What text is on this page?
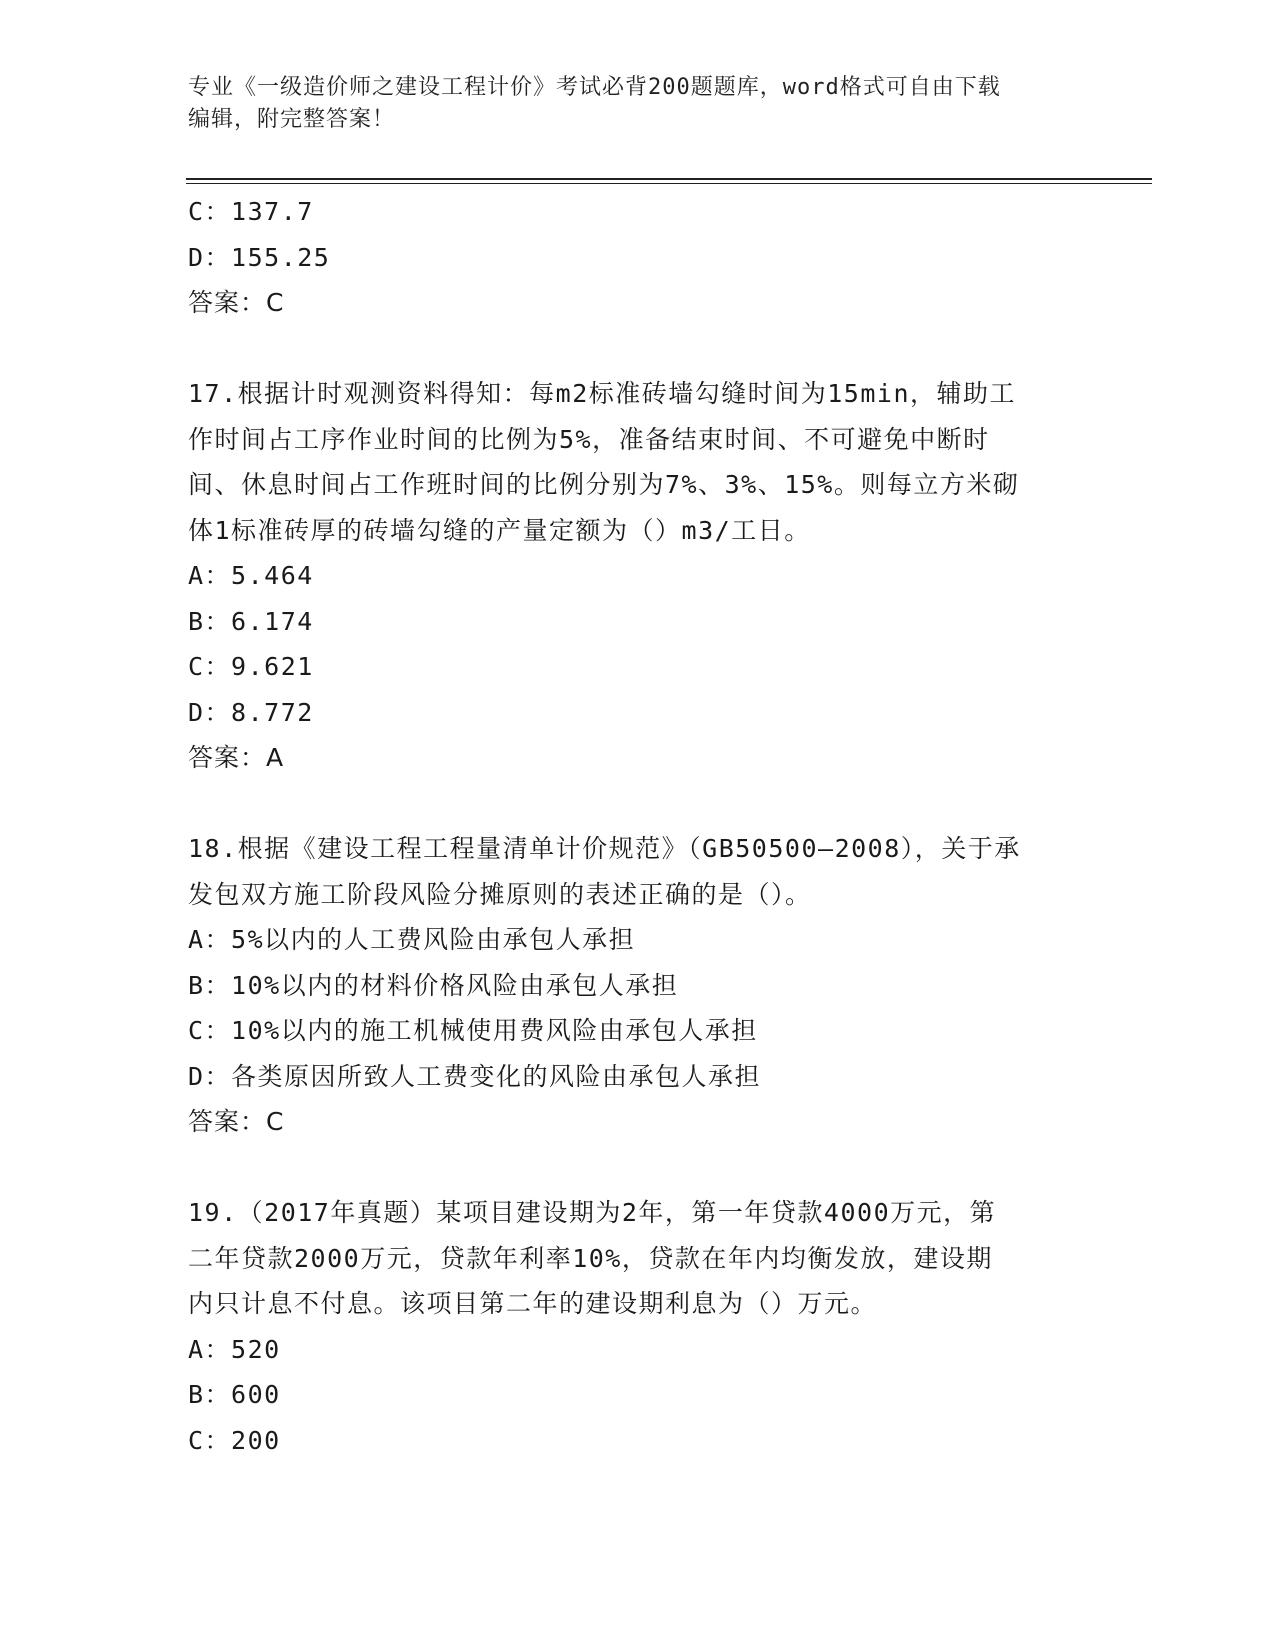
专业《一级造价师之建设工程计价》考试必背200题题库，word格式可自由下载
编辑，附完整答案！
C：137.7
D：155.25
答案：C
17.根据计时观测资料得知：每m2标准砖墙勾缝时间为15min，辅助工
作时间占工序作业时间的比例为5%，准备结束时间、不可避免中断时
间、休息时间占工作班时间的比例分别为7%、3%、15%。则每立方米砌
体1标准砖厚的砖墙勾缝的产量定额为（）m3/工日。
A：5.464
B：6.174
C：9.621
D：8.772
答案：A
18.根据《建设工程工程量清单计价规范》（GB50500—2008），关于承
发包双方施工阶段风险分摊原则的表述正确的是（）。
A：5%以内的人工费风险由承包人承担
B：10%以内的材料价格风险由承包人承担
C：10%以内的施工机械使用费风险由承包人承担
D：各类原因所致人工费变化的风险由承包人承担
答案：C
19.（2017年真题）某项目建设期为2年，第一年贷款4000万元，第
二年贷款2000万元，贷款年利率10%，贷款在年内均衡发放，建设期
内只计息不付息。该项目第二年的建设期利息为（）万元。
A：520
B：600
C：200
